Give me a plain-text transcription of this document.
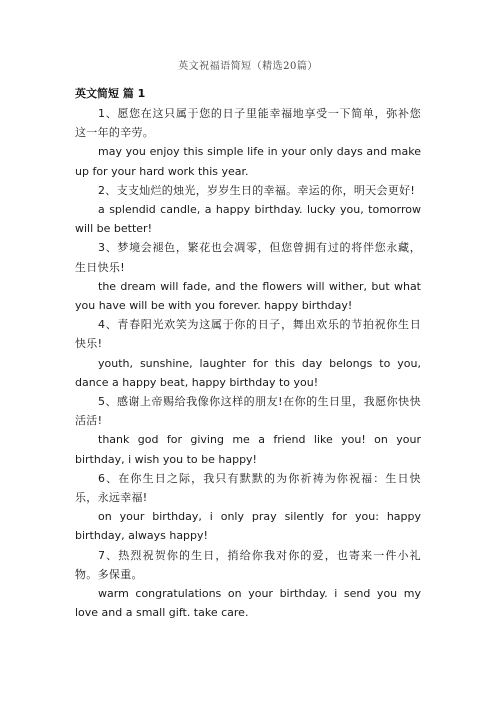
英文祝福语简短（精选20篇）
英文简短 篇 1

1、愿您在这只属于您的日子里能幸福地享受一下简单，弥补您这一年的辛劳。

may you enjoy this simple life in your only days and make up for your hard work this year.

2、支支灿烂的烛光，岁岁生日的幸福。幸运的你，明天会更好!

a splendid candle, a happy birthday. lucky you, tomorrow will be better!

3、梦境会褪色，繁花也会凋零，但您曾拥有过的将伴您永藏，生日快乐!

the dream will fade, and the flowers will wither, but what you have will be with you forever. happy birthday!

4、青春阳光欢笑为这属于你的日子，舞出欢乐的节拍祝你生日快乐!

youth, sunshine, laughter for this day belongs to you, dance a happy beat, happy birthday to you!

5、感谢上帝赐给我像你这样的朋友!在你的生日里，我愿你快快活活!

thank god for giving me a friend like you! on your birthday, i wish you to be happy!

6、在你生日之际，我只有默默的为你祈祷为你祝福：生日快乐，永远幸福!

on your birthday, i only pray silently for you: happy birthday, always happy!

7、热烈祝贺你的生日，捎给你我对你的爱，也寄来一件小礼物。多保重。

warm congratulations on your birthday. i send you my love and a small gift. take care.
